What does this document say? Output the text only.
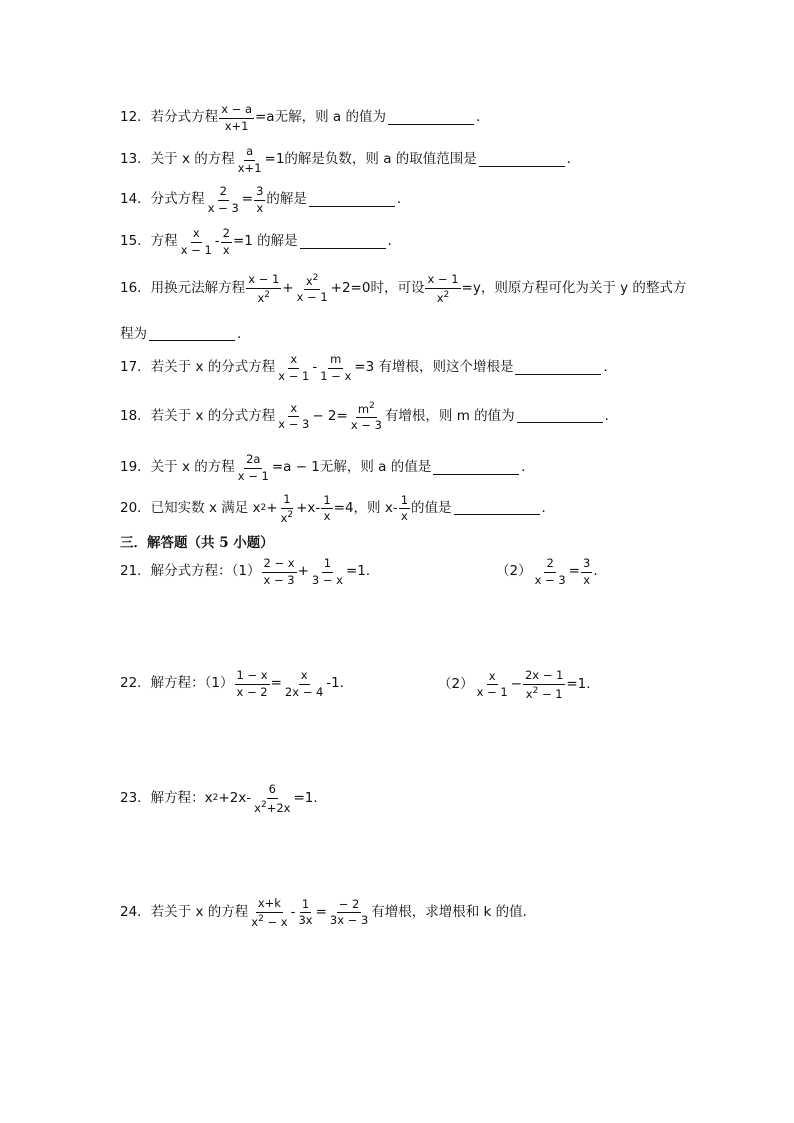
12．若分式方程 $\frac{x - a}{x+1} =a$无解，则 a 的值为	．
13．关于 x 的方程 $\frac{a}{x+1} =1$的解是负数，则 a 的取值范围是	．
14．分式方程 $\frac{2}{x - 3} = \frac{3}{x}$ 的解是	．
15．方程 $\frac{x}{x - 1} - \frac{2}{x} =1$ 的解是	．
16．用换元法解方程 $\frac{x - 1}{x^2} + \frac{x^2}{x - 1} +2=0$时，可设 $\frac{x - 1}{x^2} =y$，则原方程可化为关于 y 的整式方
程为	．
17．若关于 x 的分式方程 $\frac{x}{x - 1} - \frac{m}{1 - x} =3$ 有增根，则这个增根是	．
18．若关于 x 的分式方程 $\frac{x}{x - 3} - 2= \frac{m^2}{x - 3}$ 有增根，则 m 的值为	．
19．关于 x 的方程 $\frac{2a}{x - 1} =a - 1$无解，则 a 的值是	．
20．已知实数 x 满足 x $2 + \frac{1}{x^2} +x- \frac{1}{x} =4$，则 $x- \frac{1}{x}$ 的值是	．
三．解答题（共 5 小题）
21．解分式方程：$(1) \frac{2 - x}{x - 3} + \frac{1}{3 - x} =1$．	$(2) \frac{2}{x - 3} = \frac{3}{x}$ .
22．解方程：$(1) \frac{1 - x}{x - 2} = \frac{x}{2x - 4} -1$．	$(2) \frac{x}{x - 1} - \frac{2x - 1}{x^2 - 1} =1$．
23．解方程：x $2 +2x- \frac{6}{x^2+2x} =1$．
24．若关于 x 的方程 $\frac{x+k}{x^2 - x} - \frac{1}{3x} = \frac{- 2}{3x - 3}$ 有增根，求增根和 k 的值．
